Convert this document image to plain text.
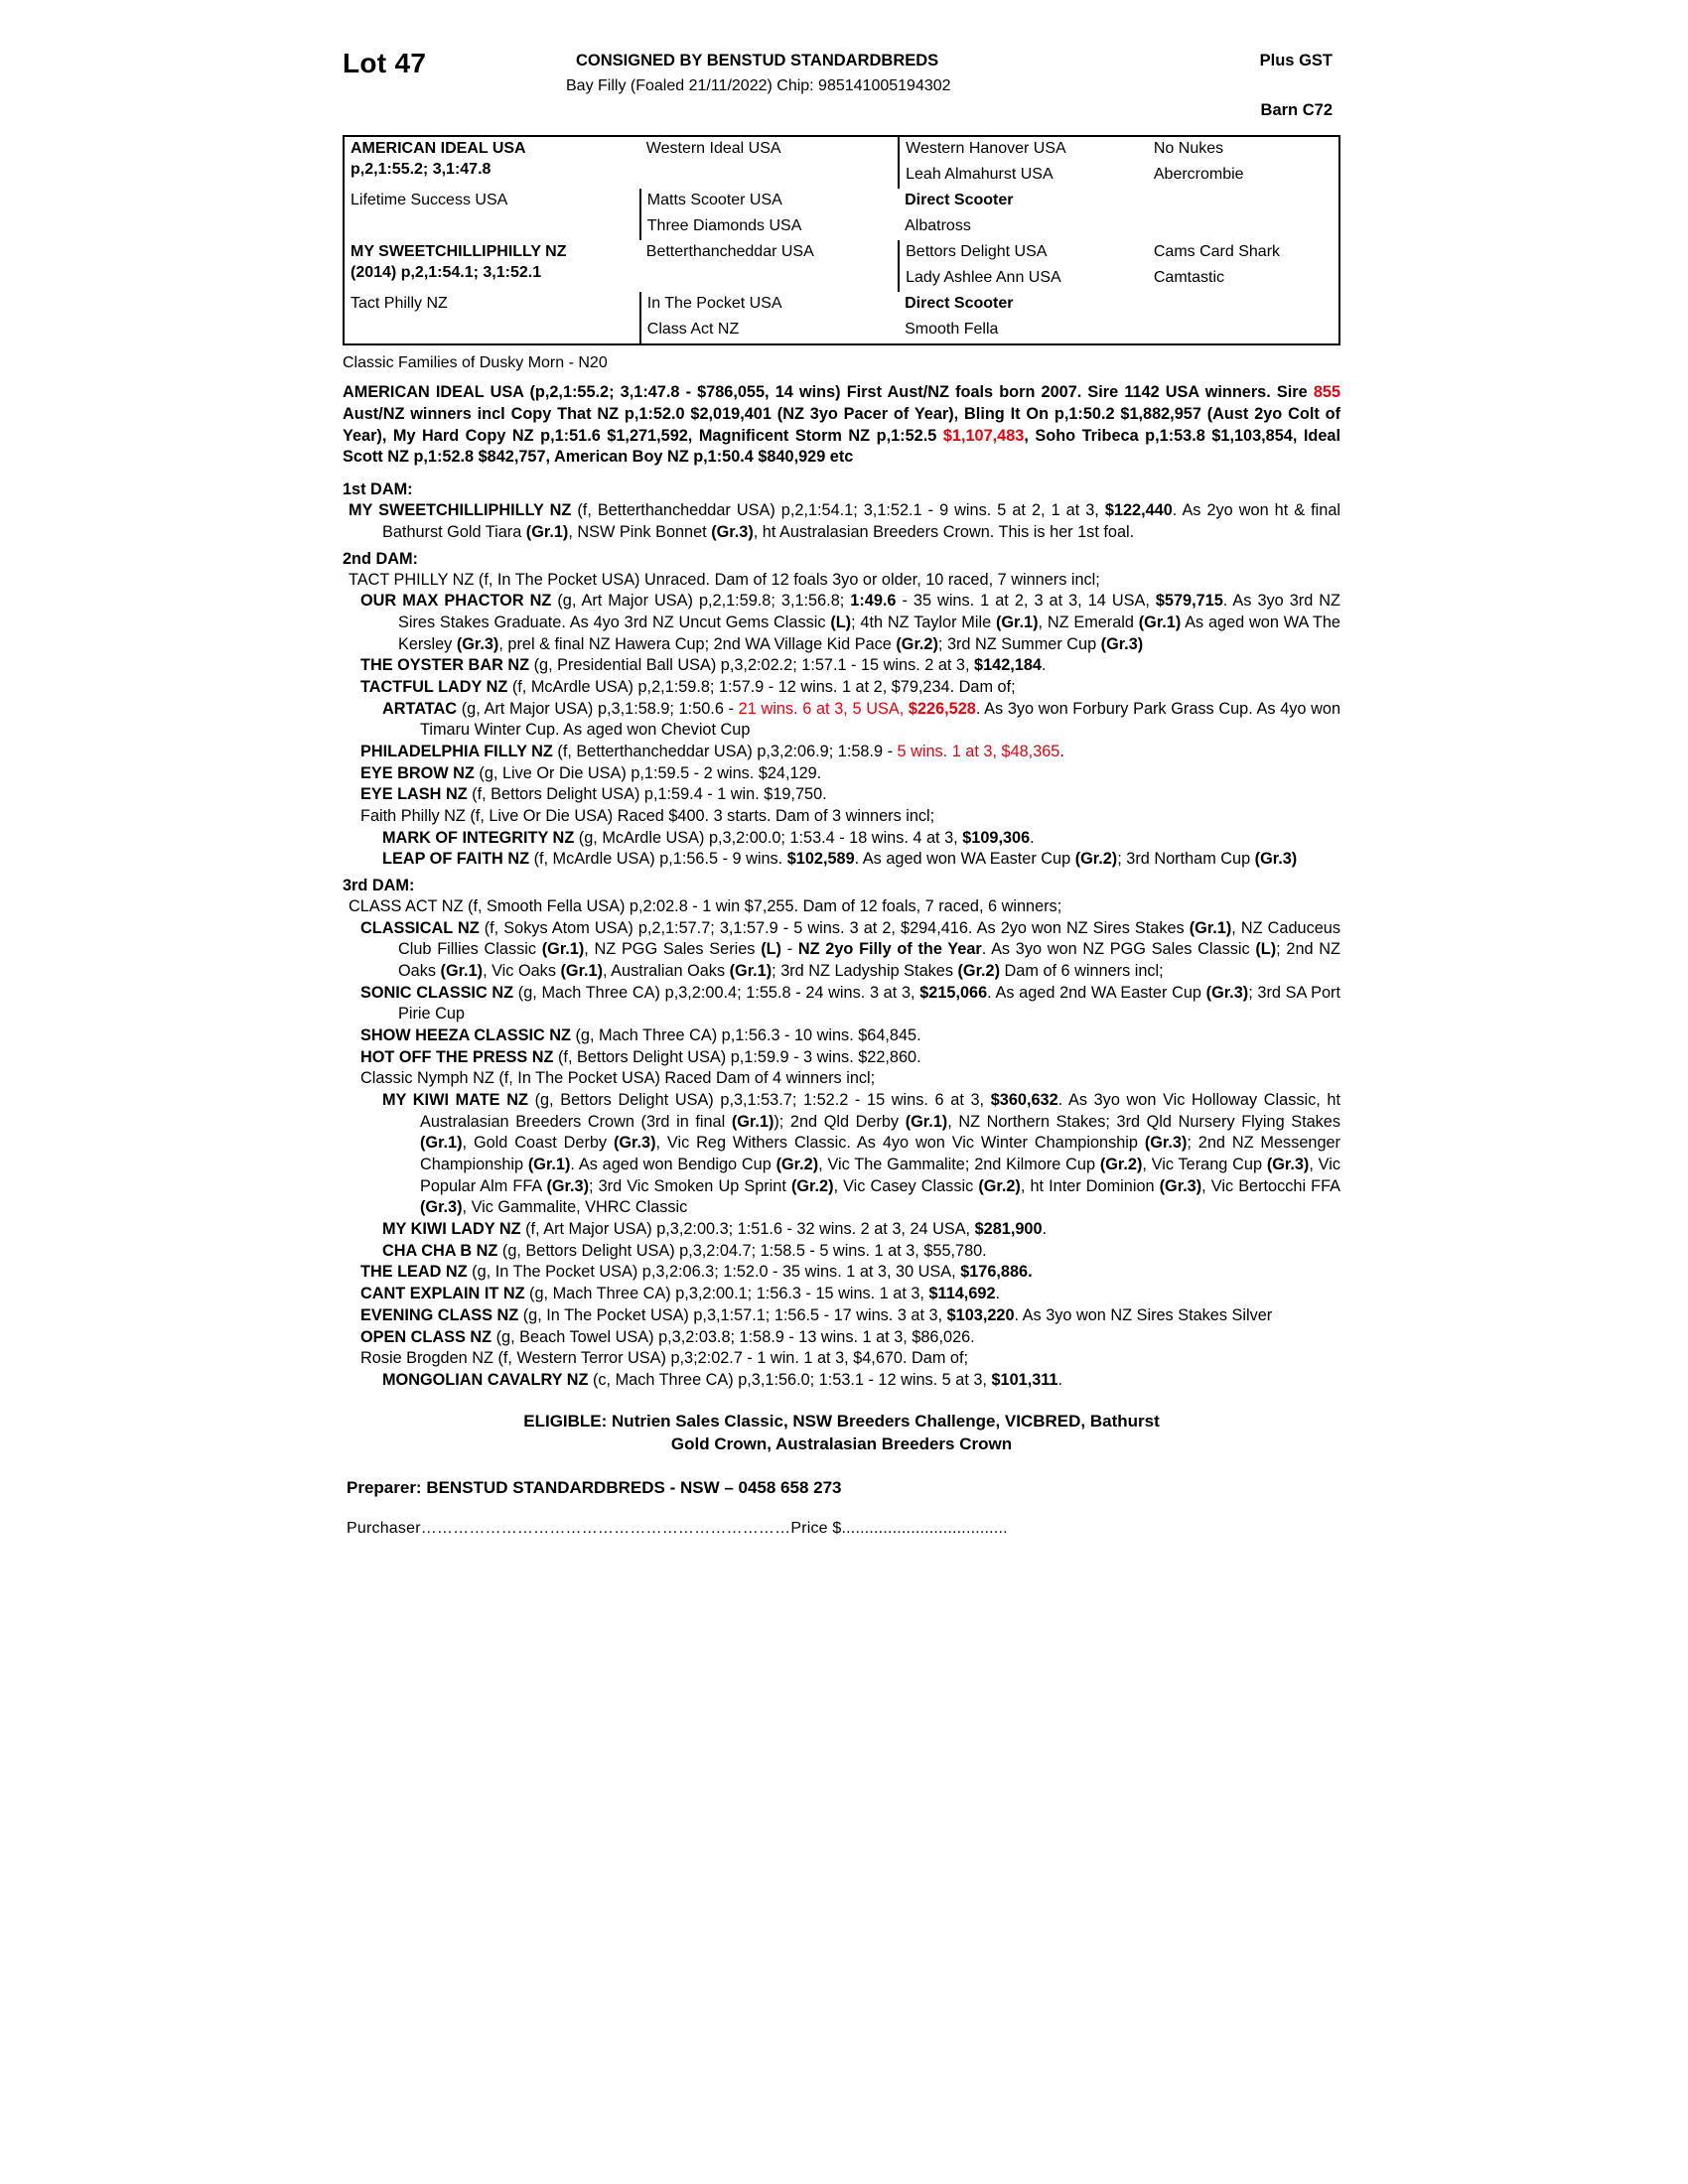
Lot 47	CONSIGNED BY BENSTUD STANDARDBREDS
Bay Filly (Foaled 21/11/2022) Chip: 985141005194302
Plus GST
Barn C72
AMERICAN IDEAL USA
p,2,1:55.2; 3,1:47.8	Western Ideal USA	Western Hanover USA	No Nukes
		Leah Almahurst USA	Abercrombie
Lifetime Success USA	Matts Scooter USA	Direct Scooter	
	Three Diamonds USA	Albatross	

MY SWEETCHILLIPHILLY NZ
(2014) p,2,1:54.1; 3,1:52.1	Betterthancheddar USA	Bettors Delight USA	Cams Card Shark
		Lady Ashlee Ann USA	Camtastic
Tact Philly NZ	In The Pocket USA	Direct Scooter	
	Class Act NZ	Smooth Fella	
Classic Families of Dusky Morn - N20
AMERICAN IDEAL USA (p,2,1:55.2; 3,1:47.8 - $786,055, 14 wins) First Aust/NZ foals born 2007. Sire 1142 USA winners. Sire 855 Aust/NZ winners incl Copy That NZ p,1:52.0 $2,019,401 (NZ 3yo Pacer of Year), Bling It On p,1:50.2 $1,882,957 (Aust 2yo Colt of Year), My Hard Copy NZ p,1:51.6 $1,271,592, Magnificent Storm NZ p,1:52.5 $1,107,483, Soho Tribeca p,1:53.8 $1,103,854, Ideal Scott NZ p,1:52.8 $842,757, American Boy NZ p,1:50.4 $840,929 etc
1st DAM:
MY SWEETCHILLIPHILLY NZ (f, Betterthancheddar USA) p,2,1:54.1; 3,1:52.1 - 9 wins. 5 at 2, 1 at 3, $122,440. As 2yo won ht & final Bathurst Gold Tiara (Gr.1), NSW Pink Bonnet (Gr.3), ht Australasian Breeders Crown. This is her 1st foal.
2nd DAM:
TACT PHILLY NZ (f, In The Pocket USA) Unraced. Dam of 12 foals 3yo or older, 10 raced, 7 winners incl;
OUR MAX PHACTOR NZ (g, Art Major USA) p,2,1:59.8; 3,1:56.8; 1:49.6 - 35 wins. 1 at 2, 3 at 3, 14 USA, $579,715. As 3yo 3rd NZ Sires Stakes Graduate. As 4yo 3rd NZ Uncut Gems Classic (L); 4th NZ Taylor Mile (Gr.1), NZ Emerald (Gr.1) As aged won WA The Kersley (Gr.3), prel & final NZ Hawera Cup; 2nd WA Village Kid Pace (Gr.2); 3rd NZ Summer Cup (Gr.3)
THE OYSTER BAR NZ (g, Presidential Ball USA) p,3,2:02.2; 1:57.1 - 15 wins. 2 at 3, $142,184.
TACTFUL LADY NZ (f, McArdle USA) p,2,1:59.8; 1:57.9 - 12 wins. 1 at 2, $79,234. Dam of;
ARTATAC (g, Art Major USA) p,3,1:58.9; 1:50.6 - 21 wins. 6 at 3, 5 USA, $226,528. As 3yo won Forbury Park Grass Cup. As 4yo won Timaru Winter Cup. As aged won Cheviot Cup
PHILADELPHIA FILLY NZ (f, Betterthancheddar USA) p,3,2:06.9; 1:58.9 - 5 wins. 1 at 3, $48,365.
EYE BROW NZ (g, Live Or Die USA) p,1:59.5 - 2 wins. $24,129.
EYE LASH NZ (f, Bettors Delight USA) p,1:59.4 - 1 win. $19,750.
Faith Philly NZ (f, Live Or Die USA) Raced $400. 3 starts. Dam of 3 winners incl;
MARK OF INTEGRITY NZ (g, McArdle USA) p,3,2:00.0; 1:53.4 - 18 wins. 4 at 3, $109,306.
LEAP OF FAITH NZ (f, McArdle USA) p,1:56.5 - 9 wins. $102,589. As aged won WA Easter Cup (Gr.2); 3rd Northam Cup (Gr.3)
3rd DAM:
CLASS ACT NZ (f, Smooth Fella USA) p,2:02.8 - 1 win $7,255. Dam of 12 foals, 7 raced, 6 winners;
CLASSICAL NZ (f, Sokys Atom USA) p,2,1:57.7; 3,1:57.9 - 5 wins. 3 at 2, $294,416. As 2yo won NZ Sires Stakes (Gr.1), NZ Caduceus Club Fillies Classic (Gr.1), NZ PGG Sales Series (L) - NZ 2yo Filly of the Year. As 3yo won NZ PGG Sales Classic (L); 2nd NZ Oaks (Gr.1), Vic Oaks (Gr.1), Australian Oaks (Gr.1); 3rd NZ Ladyship Stakes (Gr.2) Dam of 6 winners incl;
SONIC CLASSIC NZ (g, Mach Three CA) p,3,2:00.4; 1:55.8 - 24 wins. 3 at 3, $215,066. As aged 2nd WA Easter Cup (Gr.3); 3rd SA Port Pirie Cup
SHOW HEEZA CLASSIC NZ (g, Mach Three CA) p,1:56.3 - 10 wins. $64,845.
HOT OFF THE PRESS NZ (f, Bettors Delight USA) p,1:59.9 - 3 wins. $22,860.
Classic Nymph NZ (f, In The Pocket USA) Raced Dam of 4 winners incl;
MY KIWI MATE NZ (g, Bettors Delight USA) p,3,1:53.7; 1:52.2 - 15 wins. 6 at 3, $360,632. As 3yo won Vic Holloway Classic, ht Australasian Breeders Crown (3rd in final (Gr.1)); 2nd Qld Derby (Gr.1), NZ Northern Stakes; 3rd Qld Nursery Flying Stakes (Gr.1), Gold Coast Derby (Gr.3), Vic Reg Withers Classic. As 4yo won Vic Winter Championship (Gr.3); 2nd NZ Messenger Championship (Gr.1). As aged won Bendigo Cup (Gr.2), Vic The Gammalite; 2nd Kilmore Cup (Gr.2), Vic Terang Cup (Gr.3), Vic Popular Alm FFA (Gr.3); 3rd Vic Smoken Up Sprint (Gr.2), Vic Casey Classic (Gr.2), ht Inter Dominion (Gr.3), Vic Bertocchi FFA (Gr.3), Vic Gammalite, VHRC Classic
MY KIWI LADY NZ (f, Art Major USA) p,3,2:00.3; 1:51.6 - 32 wins. 2 at 3, 24 USA, $281,900.
CHA CHA B NZ (g, Bettors Delight USA) p,3,2:04.7; 1:58.5 - 5 wins. 1 at 3, $55,780.
THE LEAD NZ (g, In The Pocket USA) p,3,2:06.3; 1:52.0 - 35 wins. 1 at 3, 30 USA, $176,886.
CANT EXPLAIN IT NZ (g, Mach Three CA) p,3,2:00.1; 1:56.3 - 15 wins. 1 at 3, $114,692.
EVENING CLASS NZ (g, In The Pocket USA) p,3,1:57.1; 1:56.5 - 17 wins. 3 at 3, $103,220. As 3yo won NZ Sires Stakes Silver
OPEN CLASS NZ (g, Beach Towel USA) p,3,2:03.8; 1:58.9 - 13 wins. 1 at 3, $86,026.
Rosie Brogden NZ (f, Western Terror USA) p,3;2:02.7 - 1 win. 1 at 3, $4,670. Dam of;
MONGOLIAN CAVALRY NZ (c, Mach Three CA) p,3,1:56.0; 1:53.1 - 12 wins. 5 at 3, $101,311.
ELIGIBLE: Nutrien Sales Classic, NSW Breeders Challenge, VICBRED, Bathurst
Gold Crown, Australasian Breeders Crown
Preparer: BENSTUD STANDARDBREDS - NSW – 0458 658 273
Purchaser……………………………………………………………Price $....................................
